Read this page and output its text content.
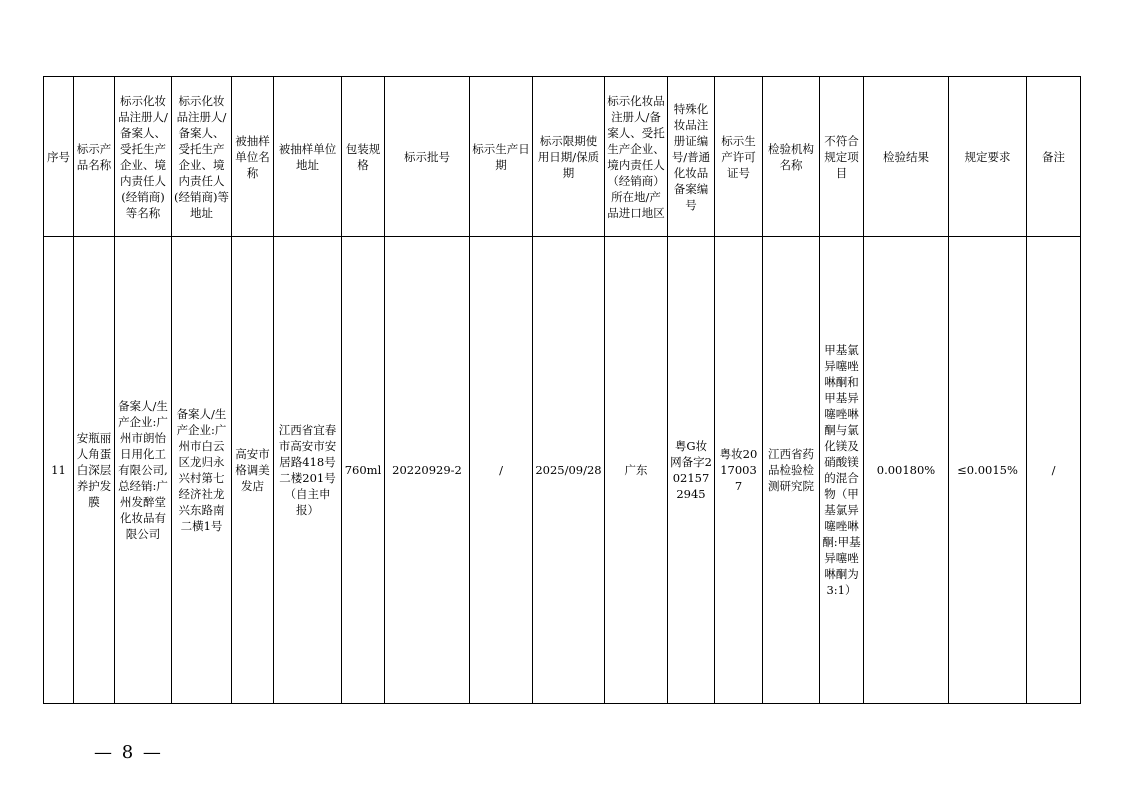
序号	标示产品名称	标示化妆品注册人/备案人、受托生产企业、境内责任人(经销商)等名称	标示化妆品注册人/备案人、受托生产企业、境内责任人(经销商)等地址	被抽样单位名称	被抽样单位地址	包装规格	标示批号	标示生产日期	标示限期使用日期/保质期	标示化妆品注册人/备案人、受托生产企业、境内责任人（经销商）所在地/产品进口地区	特殊化妆品注册证编号/普通化妆品备案编号	标示生产许可证号	检验机构名称	不符合规定项目	检验结果	规定要求	备注
11	安瓶丽人角蛋白深层养护发膜	备案人/生产企业:广州市朗怡日用化工有限公司,总经销:广州发醉堂化妆品有限公司	备案人/生产企业:广州市白云区龙归永兴村第七经济社龙兴东路南二横1号	高安市格调美发店	江西省宜春市高安市安居路418号二楼201号（自主申报）	760ml	20220929-2	/	2025/09/28	广东	粤G妆网备字2021572945	粤妆20170037	江西省药品检验检测研究院	甲基氯异噻唑啉酮和甲基异噻唑啉酮与氯化镁及硝酸镁的混合物（甲基氯异噻唑啉酮:甲基异噻唑啉酮为3:1）	0.00180%	≤0.0015%	/
— 8 —
